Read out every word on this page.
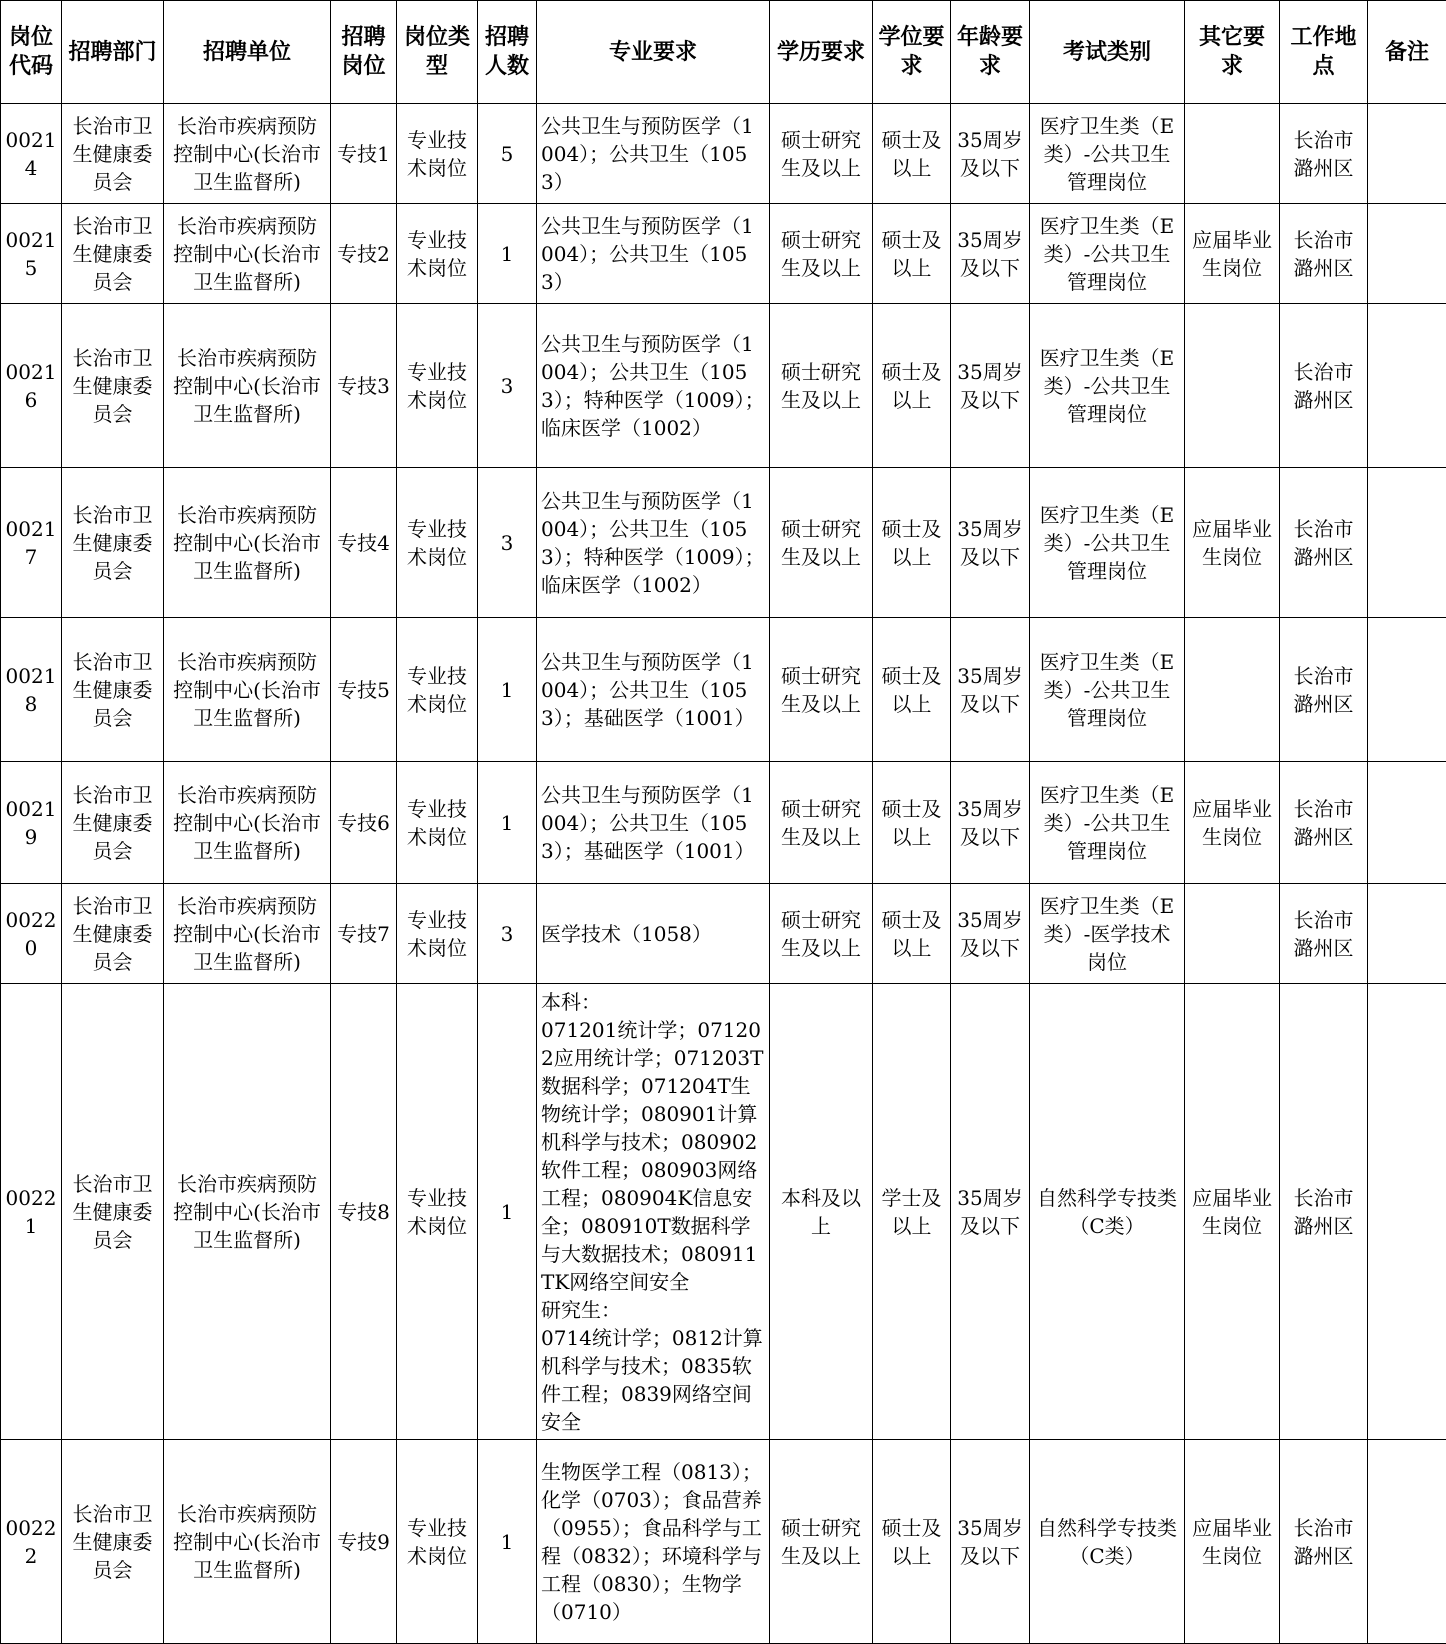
岗位代码	招聘部门	招聘单位	招聘岗位	岗位类型	招聘人数	专业要求	学历要求	学位要求	年龄要求	考试类别	其它要求	工作地点	备注

00214	长治市卫生健康委员会	长治市疾病预防控制中心(长治市卫生监督所)	专技1	专业技术岗位	5	公共卫生与预防医学（1004）；公共卫生（1053）	硕士研究生及以上	硕士及以上	35周岁及以下	医疗卫生类（E类）-公共卫生管理岗位		长治市潞州区	

00215	长治市卫生健康委员会	长治市疾病预防控制中心(长治市卫生监督所)	专技2	专业技术岗位	1	公共卫生与预防医学（1004）；公共卫生（1053）	硕士研究生及以上	硕士及以上	35周岁及以下	医疗卫生类（E类）-公共卫生管理岗位	应届毕业生岗位	长治市潞州区	

00216	长治市卫生健康委员会	长治市疾病预防控制中心(长治市卫生监督所)	专技3	专业技术岗位	3	公共卫生与预防医学（1004）；公共卫生（1053）；特种医学（1009）；临床医学（1002）	硕士研究生及以上	硕士及以上	35周岁及以下	医疗卫生类（E类）-公共卫生管理岗位		长治市潞州区	

00217	长治市卫生健康委员会	长治市疾病预防控制中心(长治市卫生监督所)	专技4	专业技术岗位	3	公共卫生与预防医学（1004）；公共卫生（1053）；特种医学（1009）；临床医学（1002）	硕士研究生及以上	硕士及以上	35周岁及以下	医疗卫生类（E类）-公共卫生管理岗位	应届毕业生岗位	长治市潞州区	

00218	长治市卫生健康委员会	长治市疾病预防控制中心(长治市卫生监督所)	专技5	专业技术岗位	1	公共卫生与预防医学（1004）；公共卫生（1053）；基础医学（1001）	硕士研究生及以上	硕士及以上	35周岁及以下	医疗卫生类（E类）-公共卫生管理岗位		长治市潞州区	

00219	长治市卫生健康委员会	长治市疾病预防控制中心(长治市卫生监督所)	专技6	专业技术岗位	1	公共卫生与预防医学（1004）；公共卫生（1053）；基础医学（1001）	硕士研究生及以上	硕士及以上	35周岁及以下	医疗卫生类（E类）-公共卫生管理岗位	应届毕业生岗位	长治市潞州区	

00220	长治市卫生健康委员会	长治市疾病预防控制中心(长治市卫生监督所)	专技7	专业技术岗位	3	医学技术（1058）	硕士研究生及以上	硕士及以上	35周岁及以下	医疗卫生类（E类）-医学技术岗位		长治市潞州区	

00221	长治市卫生健康委员会	长治市疾病预防控制中心(长治市卫生监督所)	专技8	专业技术岗位	1	本科：
071201统计学；071202应用统计学；071203T数据科学；071204T生物统计学；080901计算机科学与技术；080902软件工程；080903网络工程；080904K信息安全；080910T数据科学与大数据技术；080911TK网络空间安全
研究生：
0714统计学；0812计算机科学与技术；0835软件工程；0839网络空间安全	本科及以上	学士及以上	35周岁及以下	自然科学专技类（C类）	应届毕业生岗位	长治市潞州区	

00222	长治市卫生健康委员会	长治市疾病预防控制中心(长治市卫生监督所)	专技9	专业技术岗位	1	生物医学工程（0813）；化学（0703）；食品营养（0955）；食品科学与工程（0832）；环境科学与工程（0830）；生物学（0710）	硕士研究生及以上	硕士及以上	35周岁及以下	自然科学专技类（C类）	应届毕业生岗位	长治市潞州区	
